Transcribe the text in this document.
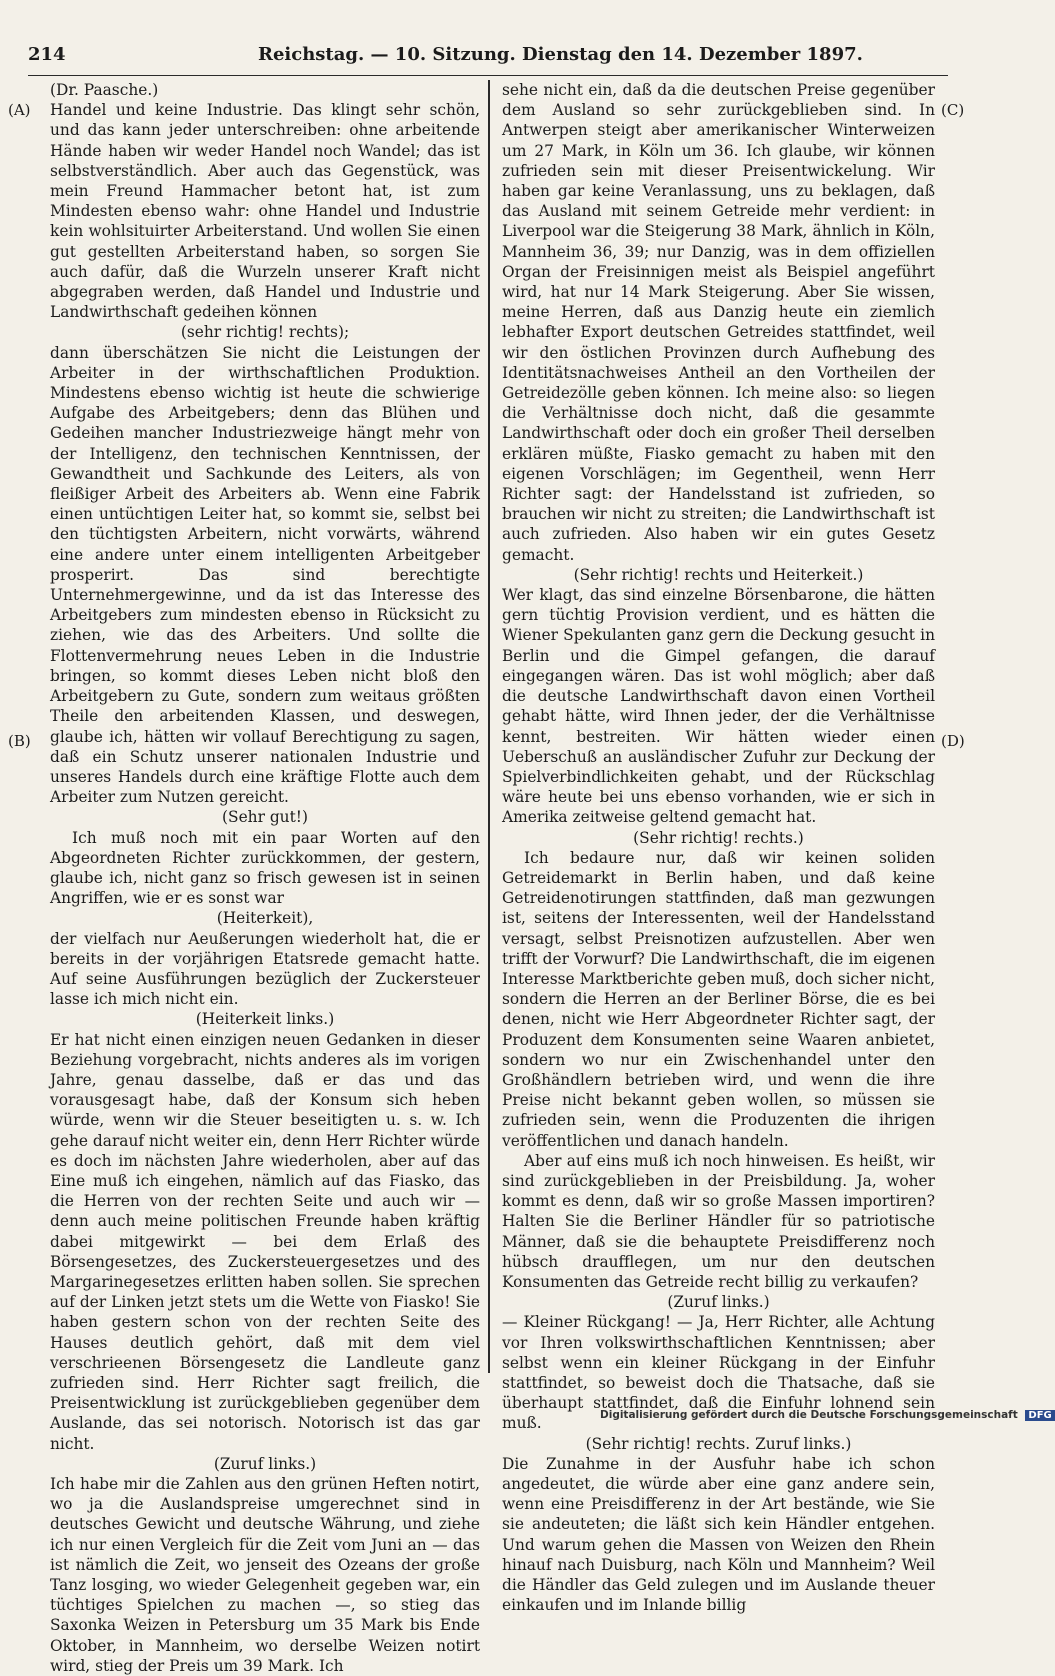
214	Reichstag. — 10. Sitzung. Dienstag den 14. Dezember 1897.
(A)
(B)
(C)
(D)

(Dr. Paasche.)

Handel und keine Industrie. Das klingt sehr schön, und das kann jeder unterschreiben: ohne arbeitende Hände haben wir weder Handel noch Wandel; das ist selbstverständlich. Aber auch das Gegenstück, was mein Freund Hammacher betont hat, ist zum Mindesten ebenso wahr: ohne Handel und Industrie kein wohlsituirter Arbeiterstand. Und wollen Sie einen gut gestellten Arbeiterstand haben, so sorgen Sie auch dafür, daß die Wurzeln unserer Kraft nicht abgegraben werden, daß Handel und Industrie und Landwirthschaft gedeihen können

(sehr richtig! rechts);

dann überschätzen Sie nicht die Leistungen der Arbeiter in der wirthschaftlichen Produktion. Mindestens ebenso wichtig ist heute die schwierige Aufgabe des Arbeitgebers; denn das Blühen und Gedeihen mancher Industriezweige hängt mehr von der Intelligenz, den technischen Kenntnissen, der Gewandtheit und Sachkunde des Leiters, als von fleißiger Arbeit des Arbeiters ab. Wenn eine Fabrik einen untüchtigen Leiter hat, so kommt sie, selbst bei den tüchtigsten Arbeitern, nicht vorwärts, während eine andere unter einem intelligenten Arbeitgeber prosperirt. Das sind berechtigte Unternehmergewinne, und da ist das Interesse des Arbeitgebers zum mindesten ebenso in Rücksicht zu ziehen, wie das des Arbeiters. Und sollte die Flottenvermehrung neues Leben in die Industrie bringen, so kommt dieses Leben nicht bloß den Arbeitgebern zu Gute, sondern zum weitaus größten Theile den arbeitenden Klassen, und deswegen, glaube ich, hätten wir vollauf Berechtigung zu sagen, daß ein Schutz unserer nationalen Industrie und unseres Handels durch eine kräftige Flotte auch dem Arbeiter zum Nutzen gereicht.

(Sehr gut!)

Ich muß noch mit ein paar Worten auf den Abgeordneten Richter zurückkommen, der gestern, glaube ich, nicht ganz so frisch gewesen ist in seinen Angriffen, wie er es sonst war

(Heiterkeit),

der vielfach nur Aeußerungen wiederholt hat, die er bereits in der vorjährigen Etatsrede gemacht hatte. Auf seine Ausführungen bezüglich der Zuckersteuer lasse ich mich nicht ein.

(Heiterkeit links.)

Er hat nicht einen einzigen neuen Gedanken in dieser Beziehung vorgebracht, nichts anderes als im vorigen Jahre, genau dasselbe, daß er das und das vorausgesagt habe, daß der Konsum sich heben würde, wenn wir die Steuer beseitigten u. s. w. Ich gehe darauf nicht weiter ein, denn Herr Richter würde es doch im nächsten Jahre wiederholen, aber auf das Eine muß ich eingehen, nämlich auf das Fiasko, das die Herren von der rechten Seite und auch wir — denn auch meine politischen Freunde haben kräftig dabei mitgewirkt — bei dem Erlaß des Börsengesetzes, des Zuckersteuergesetzes und des Margarinegesetzes erlitten haben sollen. Sie sprechen auf der Linken jetzt stets um die Wette von Fiasko! Sie haben gestern schon von der rechten Seite des Hauses deutlich gehört, daß mit dem viel verschrieenen Börsengesetz die Landleute ganz zufrieden sind. Herr Richter sagt freilich, die Preisentwicklung ist zurückgeblieben gegenüber dem Auslande, das sei notorisch. Notorisch ist das gar nicht.

(Zuruf links.)

Ich habe mir die Zahlen aus den grünen Heften notirt, wo ja die Auslandspreise umgerechnet sind in deutsches Gewicht und deutsche Währung, und ziehe ich nur einen Vergleich für die Zeit vom Juni an — das ist nämlich die Zeit, wo jenseit des Ozeans der große Tanz losging, wo wieder Gelegenheit gegeben war, ein tüchtiges Spielchen zu machen —, so stieg das Saxonka Weizen in Petersburg um 35 Mark bis Ende Oktober, in Mannheim, wo derselbe Weizen notirt wird, stieg der Preis um 39 Mark. Ich

sehe nicht ein, daß da die deutschen Preise gegenüber dem Ausland so sehr zurückgeblieben sind. In Antwerpen steigt aber amerikanischer Winterweizen um 27 Mark, in Köln um 36. Ich glaube, wir können zufrieden sein mit dieser Preisentwickelung. Wir haben gar keine Veranlassung, uns zu beklagen, daß das Ausland mit seinem Getreide mehr verdient: in Liverpool war die Steigerung 38 Mark, ähnlich in Köln, Mannheim 36, 39; nur Danzig, was in dem offiziellen Organ der Freisinnigen meist als Beispiel angeführt wird, hat nur 14 Mark Steigerung. Aber Sie wissen, meine Herren, daß aus Danzig heute ein ziemlich lebhafter Export deutschen Getreides stattfindet, weil wir den östlichen Provinzen durch Aufhebung des Identitätsnachweises Antheil an den Vortheilen der Getreidezölle geben können. Ich meine also: so liegen die Verhältnisse doch nicht, daß die gesammte Landwirthschaft oder doch ein großer Theil derselben erklären müßte, Fiasko gemacht zu haben mit den eigenen Vorschlägen; im Gegentheil, wenn Herr Richter sagt: der Handelsstand ist zufrieden, so brauchen wir nicht zu streiten; die Landwirthschaft ist auch zufrieden. Also haben wir ein gutes Gesetz gemacht.

(Sehr richtig! rechts und Heiterkeit.)

Wer klagt, das sind einzelne Börsenbarone, die hätten gern tüchtig Provision verdient, und es hätten die Wiener Spekulanten ganz gern die Deckung gesucht in Berlin und die Gimpel gefangen, die darauf eingegangen wären. Das ist wohl möglich; aber daß die deutsche Landwirthschaft davon einen Vortheil gehabt hätte, wird Ihnen jeder, der die Verhältnisse kennt, bestreiten. Wir hätten wieder einen Ueberschuß an ausländischer Zufuhr zur Deckung der Spielverbindlichkeiten gehabt, und der Rückschlag wäre heute bei uns ebenso vorhanden, wie er sich in Amerika zeitweise geltend gemacht hat.

(Sehr richtig! rechts.)

Ich bedaure nur, daß wir keinen soliden Getreidemarkt in Berlin haben, und daß keine Getreidenotirungen stattfinden, daß man gezwungen ist, seitens der Interessenten, weil der Handelsstand versagt, selbst Preisnotizen aufzustellen. Aber wen trifft der Vorwurf? Die Landwirthschaft, die im eigenen Interesse Marktberichte geben muß, doch sicher nicht, sondern die Herren an der Berliner Börse, die es bei denen, nicht wie Herr Abgeordneter Richter sagt, der Produzent dem Konsumenten seine Waaren anbietet, sondern wo nur ein Zwischenhandel unter den Großhändlern betrieben wird, und wenn die ihre Preise nicht bekannt geben wollen, so müssen sie zufrieden sein, wenn die Produzenten die ihrigen veröffentlichen und danach handeln.

Aber auf eins muß ich noch hinweisen. Es heißt, wir sind zurückgeblieben in der Preisbildung. Ja, woher kommt es denn, daß wir so große Massen importiren? Halten Sie die Berliner Händler für so patriotische Männer, daß sie die behauptete Preisdifferenz noch hübsch draufflegen, um nur den deutschen Konsumenten das Getreide recht billig zu verkaufen?

(Zuruf links.)

— Kleiner Rückgang! — Ja, Herr Richter, alle Achtung vor Ihren volkswirthschaftlichen Kenntnissen; aber selbst wenn ein kleiner Rückgang in der Einfuhr stattfindet, so beweist doch die Thatsache, daß sie überhaupt stattfindet, daß die Einfuhr lohnend sein muß.

(Sehr richtig! rechts. Zuruf links.)

Die Zunahme in der Ausfuhr habe ich schon angedeutet, die würde aber eine ganz andere sein, wenn eine Preisdifferenz in der Art bestände, wie Sie sie andeuteten; die läßt sich kein Händler entgehen. Und warum gehen die Massen von Weizen den Rhein hinauf nach Duisburg, nach Köln und Mannheim? Weil die Händler das Geld zulegen und im Auslande theuer einkaufen und im Inlande billig

Digitalisierung gefördert durch die Deutsche Forschungsgemeinschaft DFG
